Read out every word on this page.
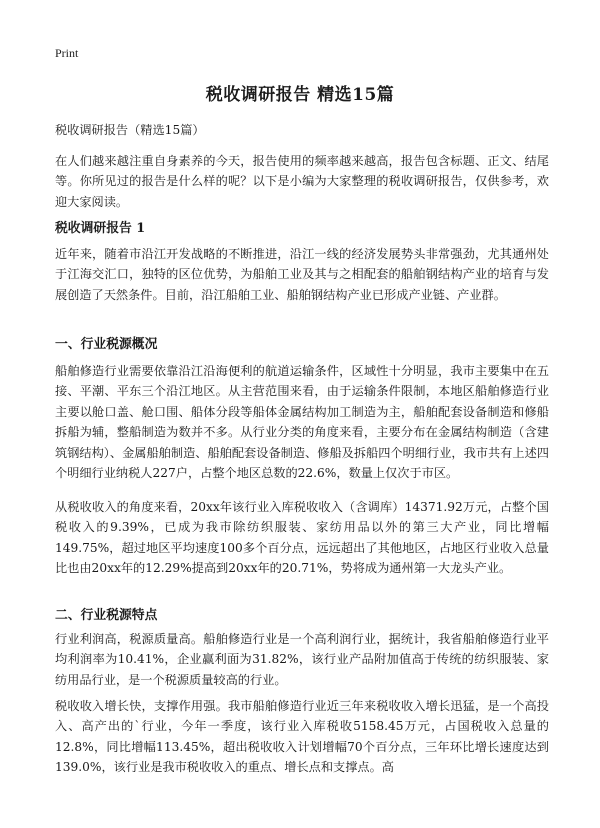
Print
税收调研报告 精选15篇
税收调研报告（精选15篇）

在人们越来越注重自身素养的今天，报告使用的频率越来越高，报告包含标题、正文、结尾等。你所见过的报告是什么样的呢？以下是小编为大家整理的税收调研报告，仅供参考，欢迎大家阅读。

税收调研报告 1

近年来，随着市沿江开发战略的不断推进，沿江一线的经济发展势头非常强劲，尤其通州处于江海交汇口，独特的区位优势，为船舶工业及其与之相配套的船舶钢结构产业的培育与发展创造了天然条件。目前，沿江船舶工业、船舶钢结构产业已形成产业链、产业群。

一、行业税源概况

船舶修造行业需要依靠沿江沿海便利的航道运输条件，区域性十分明显，我市主要集中在五接、平潮、平东三个沿江地区。从主营范围来看，由于运输条件限制，本地区船舶修造行业主要以舱口盖、舱口围、船体分段等船体金属结构加工制造为主，船舶配套设备制造和修船拆船为辅，整船制造为数并不多。从行业分类的角度来看，主要分布在金属结构制造（含建筑钢结构）、金属船舶制造、船舶配套设备制造、修船及拆船四个明细行业，我市共有上述四个明细行业纳税人227户，占整个地区总数的22.6%，数量上仅次于市区。

从税收收入的角度来看，20xx年该行业入库税收收入（含调库）14371.92万元，占整个国税收入的9.39%，已成为我市除纺织服装、家纺用品以外的第三大产业，同比增幅149.75%，超过地区平均速度100多个百分点，远远超出了其他地区，占地区行业收入总量比也由20xx年的12.29%提高到20xx年的20.71%，势将成为通州第一大龙头产业。

二、行业税源特点

行业利润高，税源质量高。船舶修造行业是一个高利润行业，据统计，我省船舶修造行业平均利润率为10.41%，企业赢利面为31.82%，该行业产品附加值高于传统的纺织服装、家纺用品行业，是一个税源质量较高的行业。

税收收入增长快，支撑作用强。我市船舶修造行业近三年来税收收入增长迅猛，是一个高投入、高产出的`行业，今年一季度，该行业入库税收5158.45万元，占国税收入总量的12.8%，同比增幅113.45%，超出税收收入计划增幅70个百分点，三年环比增长速度达到139.0%，该行业是我市税收收入的重点、增长点和支撑点。高
